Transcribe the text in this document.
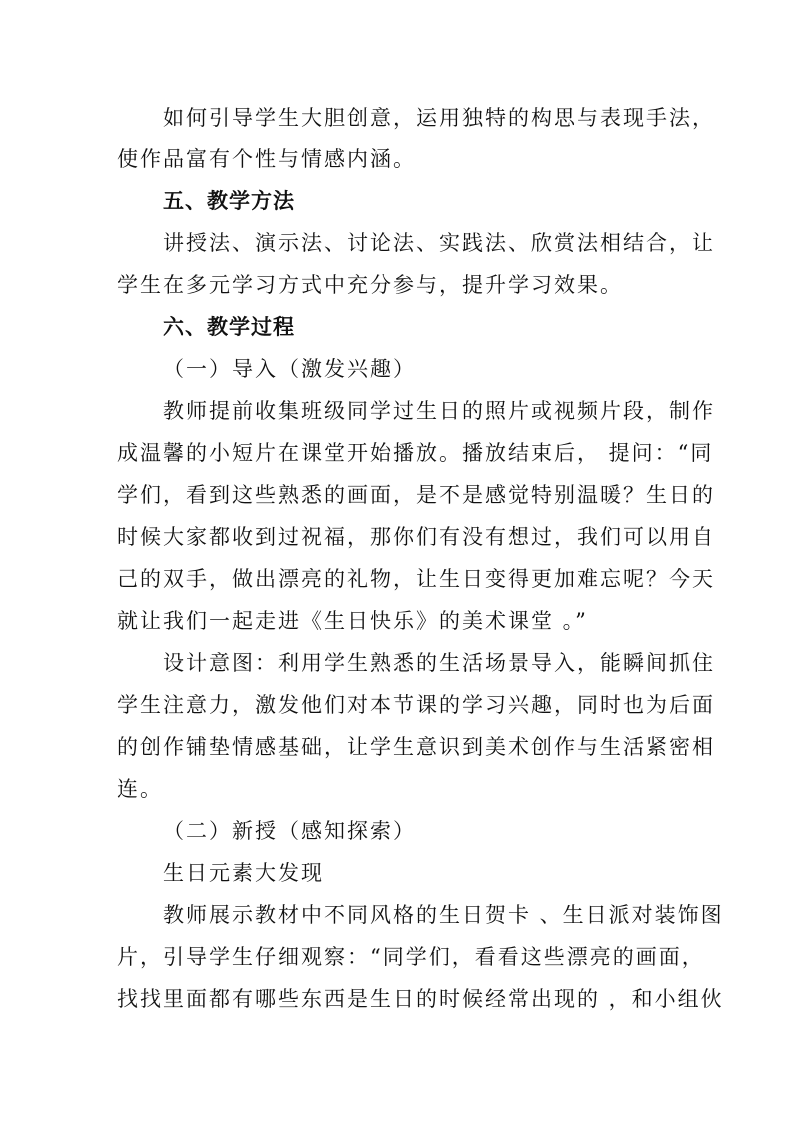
如何引导学生大胆创意，运用独特的构思与表现手法，
使作品富有个性与情感内涵。
五、教学方法
讲授法、演示法、讨论法、实践法、欣赏法相结合，让
学生在多元学习方式中充分参与，提升学习效果。
六、教学过程
（一）导入（激发兴趣）
教师提前收集班级同学过生日的照片或视频片段，制作
成温馨的小短片在课堂开始播放。播放结束后， 提问：“同
学们，看到这些熟悉的画面，是不是感觉特别温暖？生日的
时候大家都收到过祝福，那你们有没有想过，我们可以用自
己的双手，做出漂亮的礼物，让生日变得更加难忘呢？今天
就让我们一起走进《生日快乐》的美术课堂 。”
设计意图：利用学生熟悉的生活场景导入，能瞬间抓住
学生注意力，激发他们对本节课的学习兴趣，同时也为后面
的创作铺垫情感基础，让学生意识到美术创作与生活紧密相
连。
（二）新授（感知探索）
生日元素大发现
教师展示教材中不同风格的生日贺卡 、生日派对装饰图
片，引导学生仔细观察：“同学们，看看这些漂亮的画面，
找找里面都有哪些东西是生日的时候经常出现的 ，和小组伙
